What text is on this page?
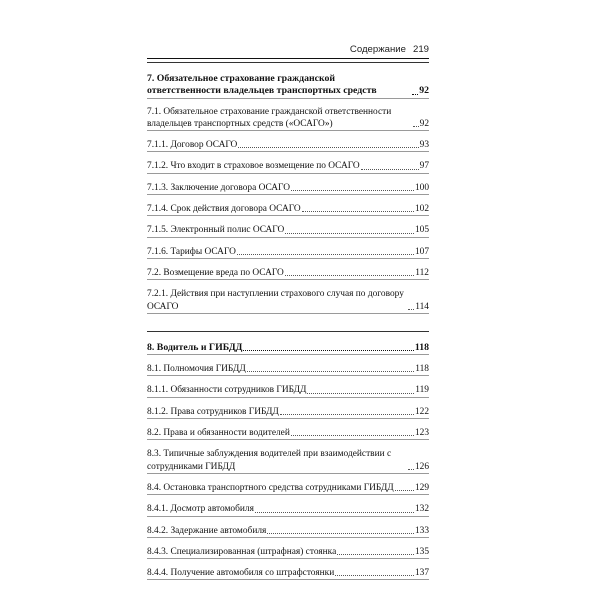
Содержание 219
7. Обязательное страхование гражданской ответственности владельцев транспортных средств	92
7.1. Обязательное страхование гражданской ответственности владельцев транспортных средств («ОСАГО»)	92
7.1.1. Договор ОСАГО	93
7.1.2. Что входит в страховое возмещение по ОСАГО	97
7.1.3. Заключение договора ОСАГО	100
7.1.4. Срок действия договора ОСАГО	102
7.1.5. Электронный полис ОСАГО	105
7.1.6. Тарифы ОСАГО	107
7.2. Возмещение вреда по ОСАГО	112
7.2.1. Действия при наступлении страхового случая по договору ОСАГО	114
8. Водитель и ГИБДД	118
8.1. Полномочия ГИБДД	118
8.1.1. Обязанности сотрудников ГИБДД	119
8.1.2. Права сотрудников ГИБДД	122
8.2. Права и обязанности водителей	123
8.3. Типичные заблуждения водителей при взаимодействии с сотрудниками ГИБДД	126
8.4. Остановка транспортного средства сотрудниками ГИБДД 129
8.4.1. Досмотр автомобиля	132
8.4.2. Задержание автомобиля	133
8.4.3. Специализированная (штрафная) стоянка	135
8.4.4. Получение автомобиля со штрафстоянки	137
